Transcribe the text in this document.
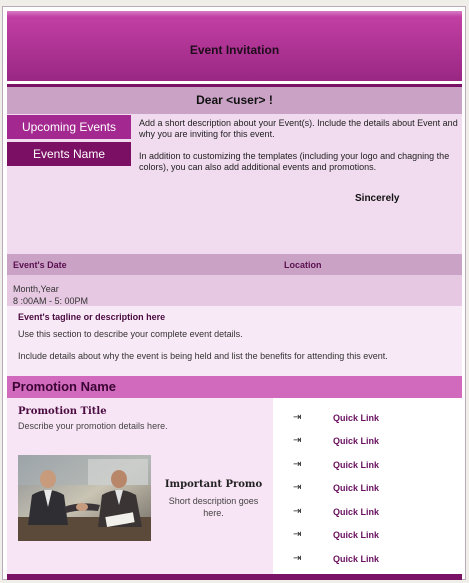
Event Invitation
Dear <user> !
Upcoming Events
Events Name

Add a short description about your Event(s). Include the details about Event and why you are inviting for this event.

In addition to customizing the templates (including your logo and chagning the colors), you can also add additional events and promotions.

Sincerely
Event's Date	Location
Month,Year
8 :00AM - 5: 00PM
Event's tagline or description here
Use this section to describe your complete event details.
Include details about why the event is being held and list the benefits for attending this event.
Promotion Name
Promotion Title
Describe your promotion details here.
Important Promo
Short description goes here.
⇥	Quick Link
⇥	Quick Link
⇥	Quick Link
⇥	Quick Link
⇥	Quick Link
⇥	Quick Link
⇥	Quick Link
